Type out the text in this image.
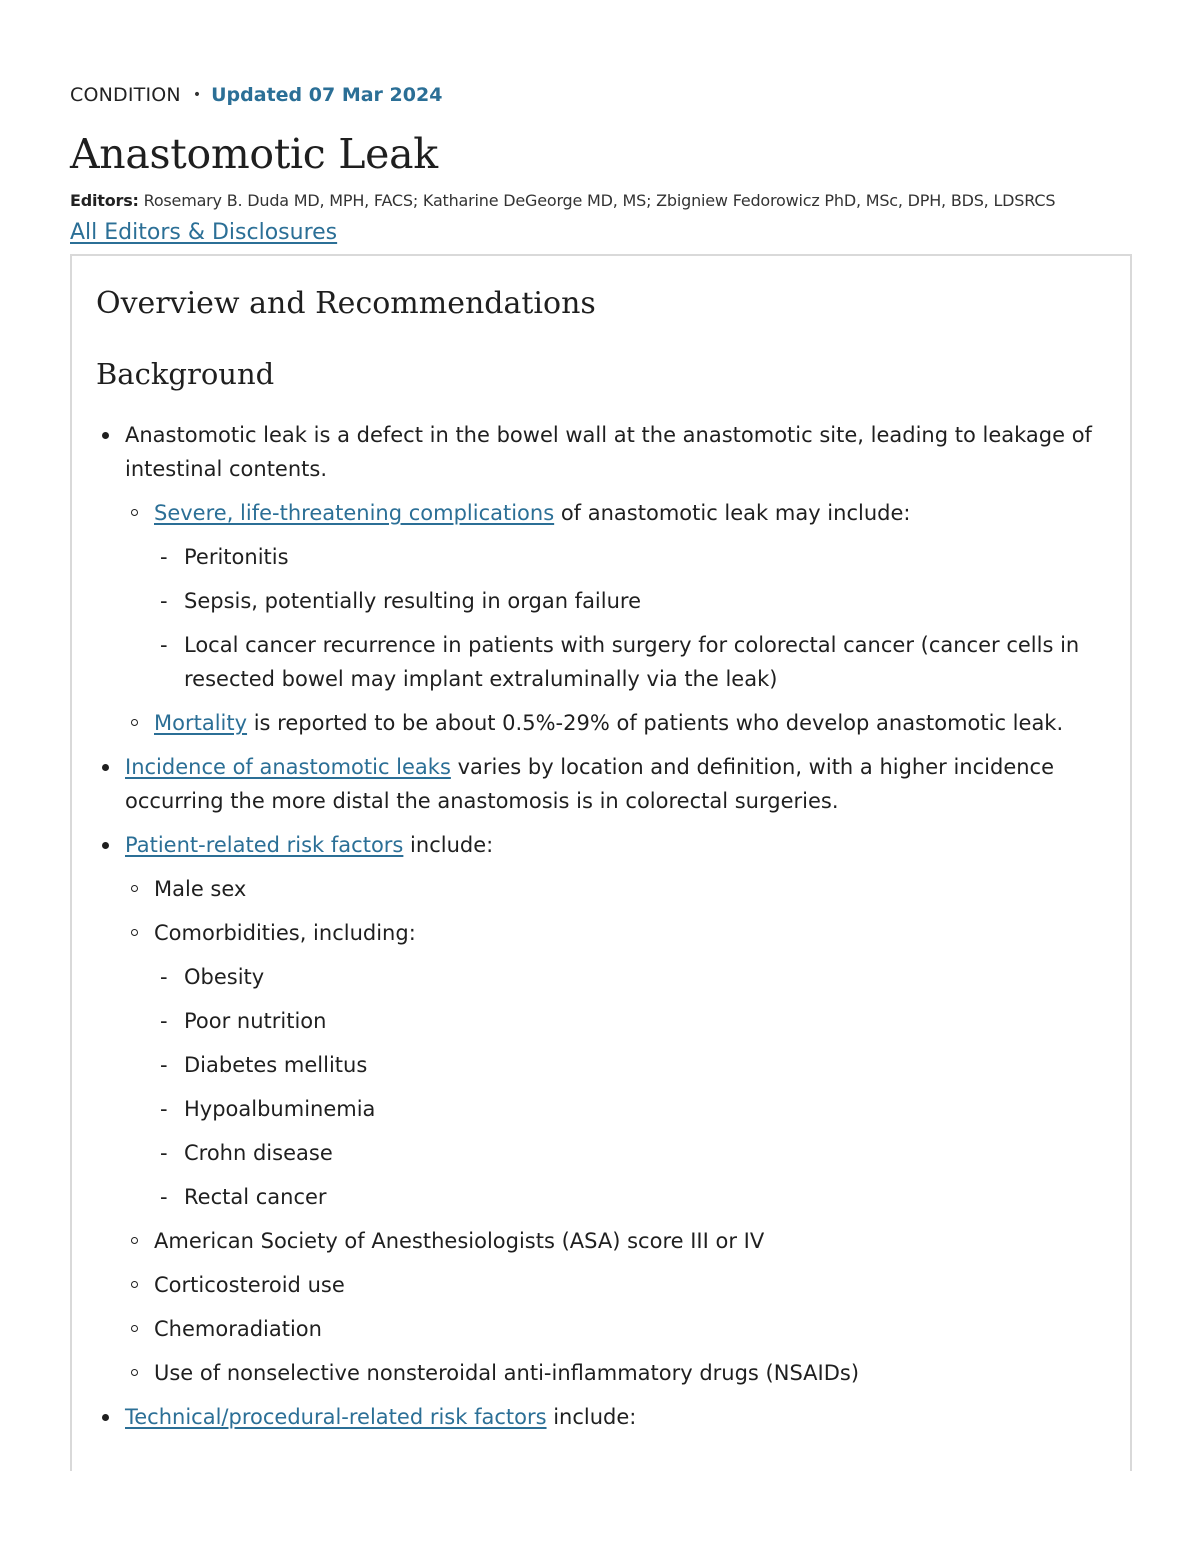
CONDITION • Updated 07 Mar 2024
Anastomotic Leak
Editors: Rosemary B. Duda MD, MPH, FACS; Katharine DeGeorge MD, MS; Zbigniew Fedorowicz PhD, MSc, DPH, BDS, LDSRCS
All Editors & Disclosures
Overview and Recommendations
Background
Anastomotic leak is a defect in the bowel wall at the anastomotic site, leading to leakage of intestinal contents.
Severe, life-threatening complications of anastomotic leak may include:
- Peritonitis
- Sepsis, potentially resulting in organ failure
- Local cancer recurrence in patients with surgery for colorectal cancer (cancer cells in resected bowel may implant extraluminally via the leak)
Mortality is reported to be about 0.5%-29% of patients who develop anastomotic leak.
Incidence of anastomotic leaks varies by location and definition, with a higher incidence occurring the more distal the anastomosis is in colorectal surgeries.
Patient-related risk factors include:
Male sex
Comorbidities, including:
- Obesity
- Poor nutrition
- Diabetes mellitus
- Hypoalbuminemia
- Crohn disease
- Rectal cancer
American Society of Anesthesiologists (ASA) score III or IV
Corticosteroid use
Chemoradiation
Use of nonselective nonsteroidal anti-inflammatory drugs (NSAIDs)
Technical/procedural-related risk factors include:
